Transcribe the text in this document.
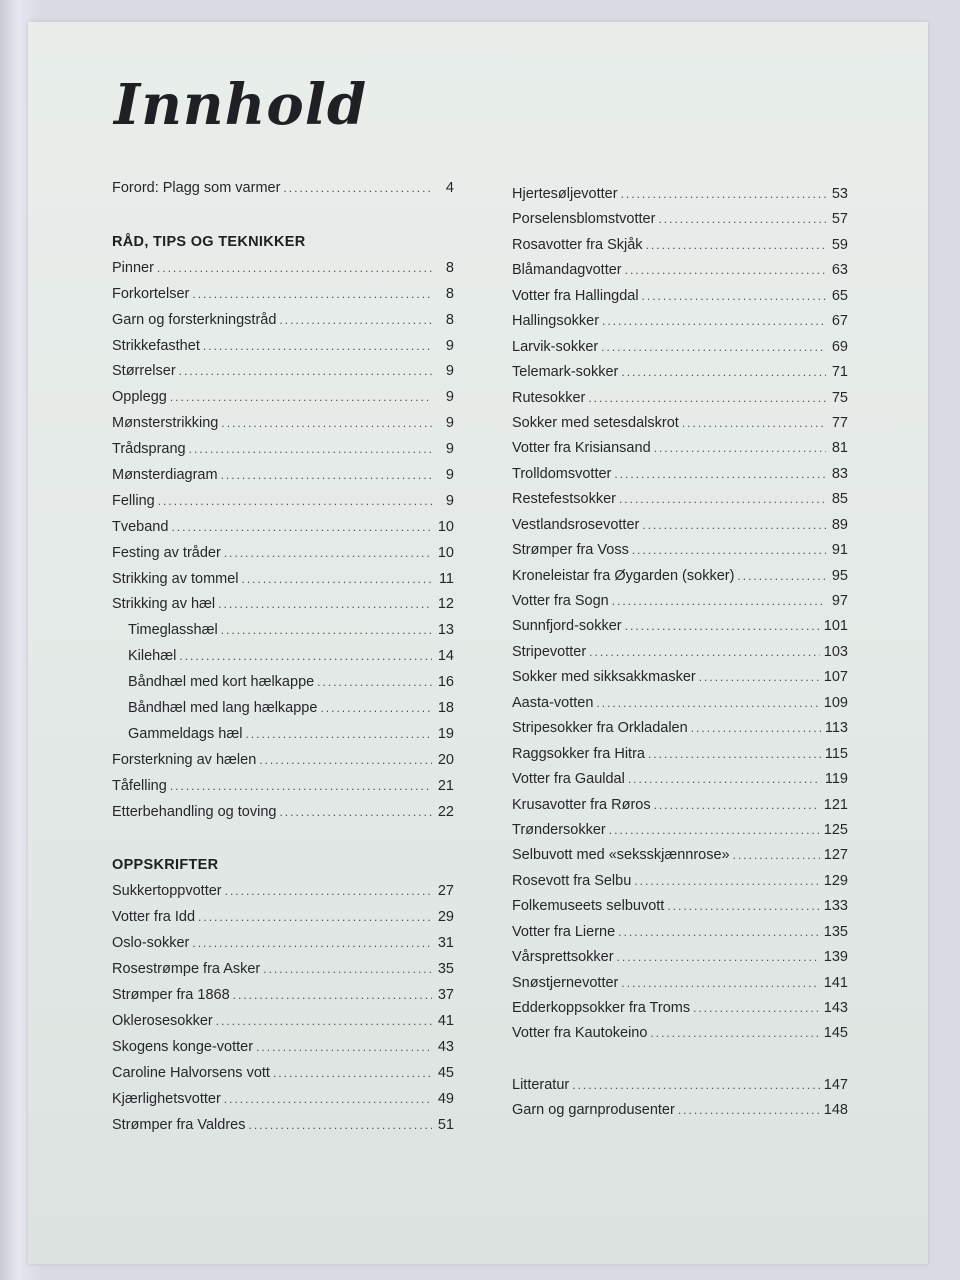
Innhold
Forord: Plagg som varmer .....	4
RÅD, TIPS OG TEKNIKKER
Pinner .....	8
Forkortelser .....	8
Garn og forsterkningstråd .....	8
Strikkefasthet .....	9
Størrelser .....	9
Opplegg .....	9
Mønsterstrikking .....	9
Trådsprang .....	9
Mønsterdiagram .....	9
Felling .....	9
Tveband .....	10
Festing av tråder .....	10
Strikking av tommel .....	11
Strikking av hæl .....	12
Timeglasshæl .....	13
Kilehæl .....	14
Båndhæl med kort hælkappe .....	16
Båndhæl med lang hælkappe .....	18
Gammeldags hæl .....	19
Forsterkning av hælen .....	20
Tåfelling .....	21
Etterbehandling og toving .....	22
OPPSKRIFTER
Sukkertoppvotter .....	27
Votter fra Idd .....	29
Oslo-sokker .....	31
Rosestrømpe fra Asker .....	35
Strømper fra 1868 .....	37
Oklerosesokker .....	41
Skogens konge-votter .....	43
Caroline Halvorsens vott .....	45
Kjærlighetsvotter .....	49
Strømper fra Valdres .....	51
Hjertesøljevotter .....	53
Porselensblomstvotter .....	57
Rosavotter fra Skjåk .....	59
Blåmandagvotter .....	63
Votter fra Hallingdal .....	65
Hallingsokker .....	67
Larvik-sokker .....	69
Telemark-sokker .....	71
Rutesokker .....	75
Sokker med setesdalskrot .....	77
Votter fra Krisiansand .....	81
Trolldomsvotter .....	83
Restefestsokker .....	85
Vestlandsrosevotter .....	89
Strømper fra Voss .....	91
Kroneleistar fra Øygarden (sokker) .....	95
Votter fra Sogn .....	97
Sunnfjord-sokker .....	101
Stripevotter .....	103
Sokker med sikksakkmasker .....	107
Aasta-votten .....	109
Stripesokker fra Orkladalen .....	113
Raggsokker fra Hitra .....	115
Votter fra Gauldal .....	119
Krusavotter fra Røros .....	121
Trøndersokker .....	125
Selbuvott med «seksskjænnrose» .....	127
Rosevott fra Selbu .....	129
Folkemuseets selbuvott .....	133
Votter fra Lierne .....	135
Vårsprettsokker .....	139
Snøstjernevotter .....	141
Edderkoppsokker fra Troms .....	143
Votter fra Kautokeino .....	145
Litteratur .....	147
Garn og garnprodusenter .....	148
